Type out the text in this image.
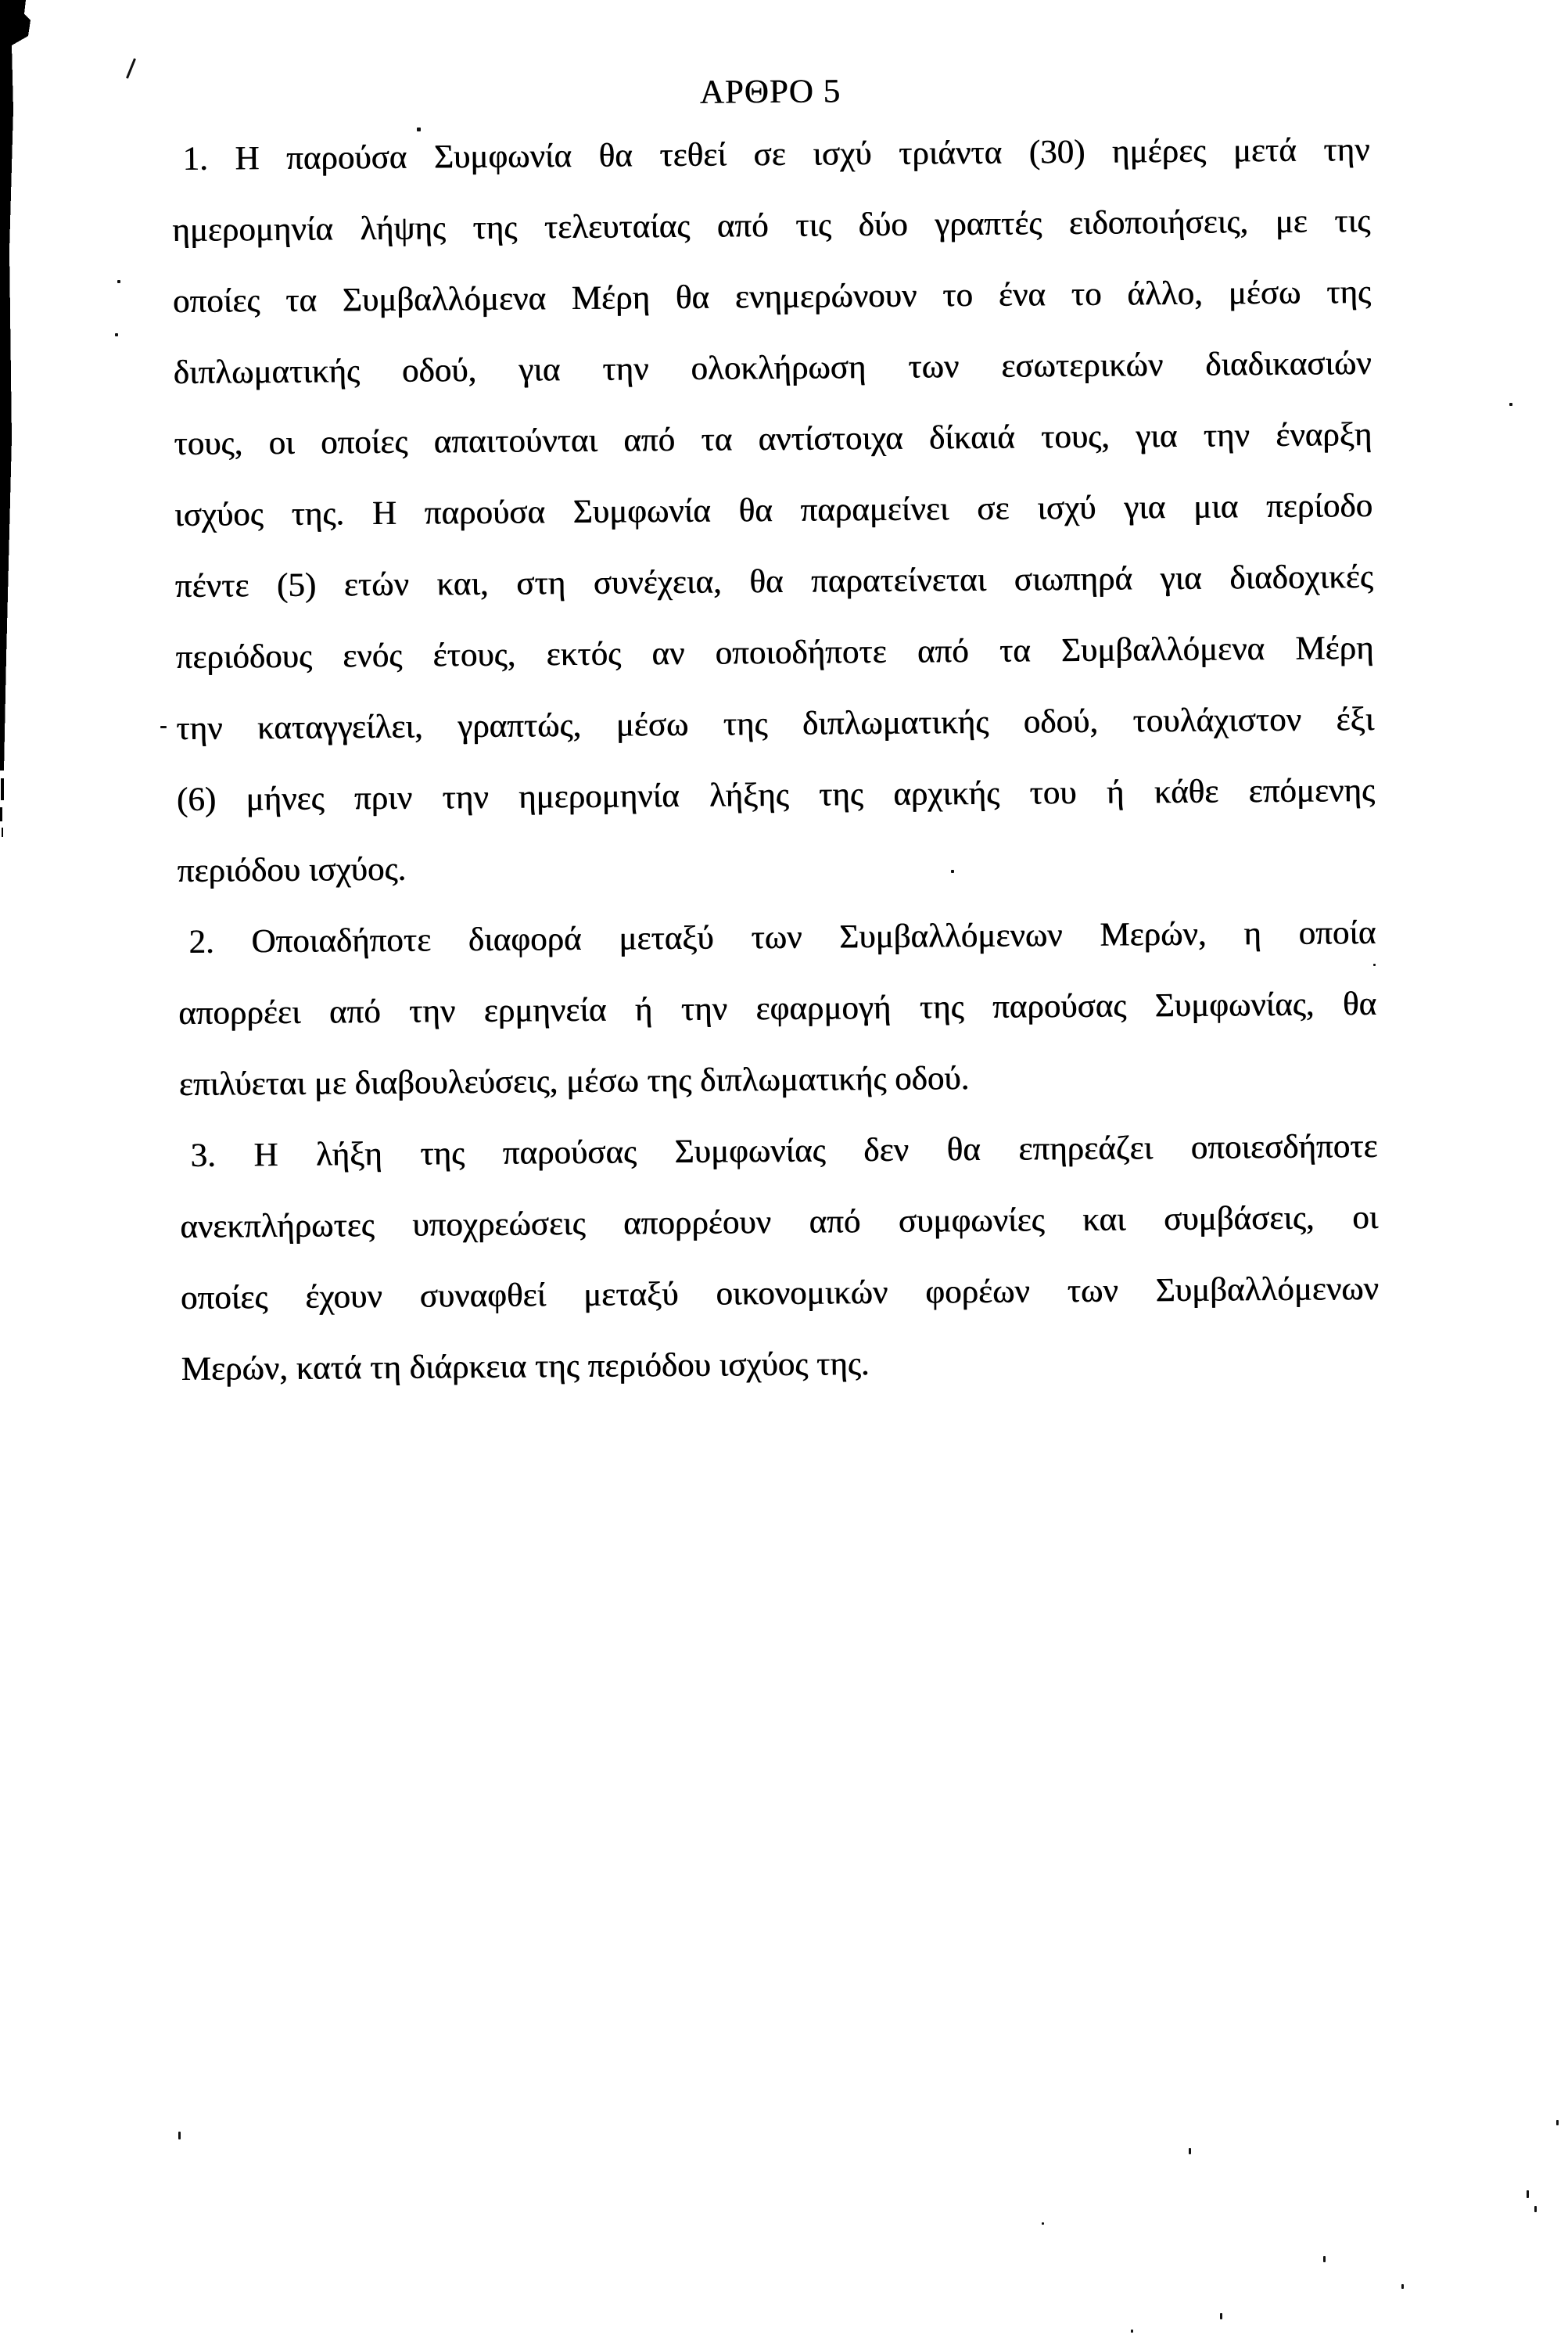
ΑΡΘΡΟ 5
1. Η παρούσα Συμφωνία θα τεθεί σε ισχύ τριάντα (30) ημέρες μετά την
ημερομηνία λήψης της τελευταίας από τις δύο γραπτές ειδοποιήσεις, με τις
οποίες τα Συμβαλλόμενα Μέρη θα ενημερώνουν το ένα το άλλο, μέσω της
διπλωματικής οδού, για την ολοκλήρωση των εσωτερικών διαδικασιών
τους, οι οποίες απαιτούνται από τα αντίστοιχα δίκαιά τους, για την έναρξη
ισχύος της. Η παρούσα Συμφωνία θα παραμείνει σε ισχύ για μια περίοδο
πέντε (5) ετών και, στη συνέχεια, θα παρατείνεται σιωπηρά για διαδοχικές
περιόδους ενός έτους, εκτός αν οποιοδήποτε από τα Συμβαλλόμενα Μέρη
την καταγγείλει, γραπτώς, μέσω της διπλωματικής οδού, τουλάχιστον έξι
(6) μήνες πριν την ημερομηνία λήξης της αρχικής του ή κάθε επόμενης
περιόδου ισχύος.
2. Οποιαδήποτε διαφορά μεταξύ των Συμβαλλόμενων Μερών, η οποία
απορρέει από την ερμηνεία ή την εφαρμογή της παρούσας Συμφωνίας, θα
επιλύεται με διαβουλεύσεις, μέσω της διπλωματικής οδού.
3. Η λήξη της παρούσας Συμφωνίας δεν θα επηρεάζει οποιεσδήποτε
ανεκπλήρωτες υποχρεώσεις απορρέουν από συμφωνίες και συμβάσεις, οι
οποίες έχουν συναφθεί μεταξύ οικονομικών φορέων των Συμβαλλόμενων
Μερών, κατά τη διάρκεια της περιόδου ισχύος της.
